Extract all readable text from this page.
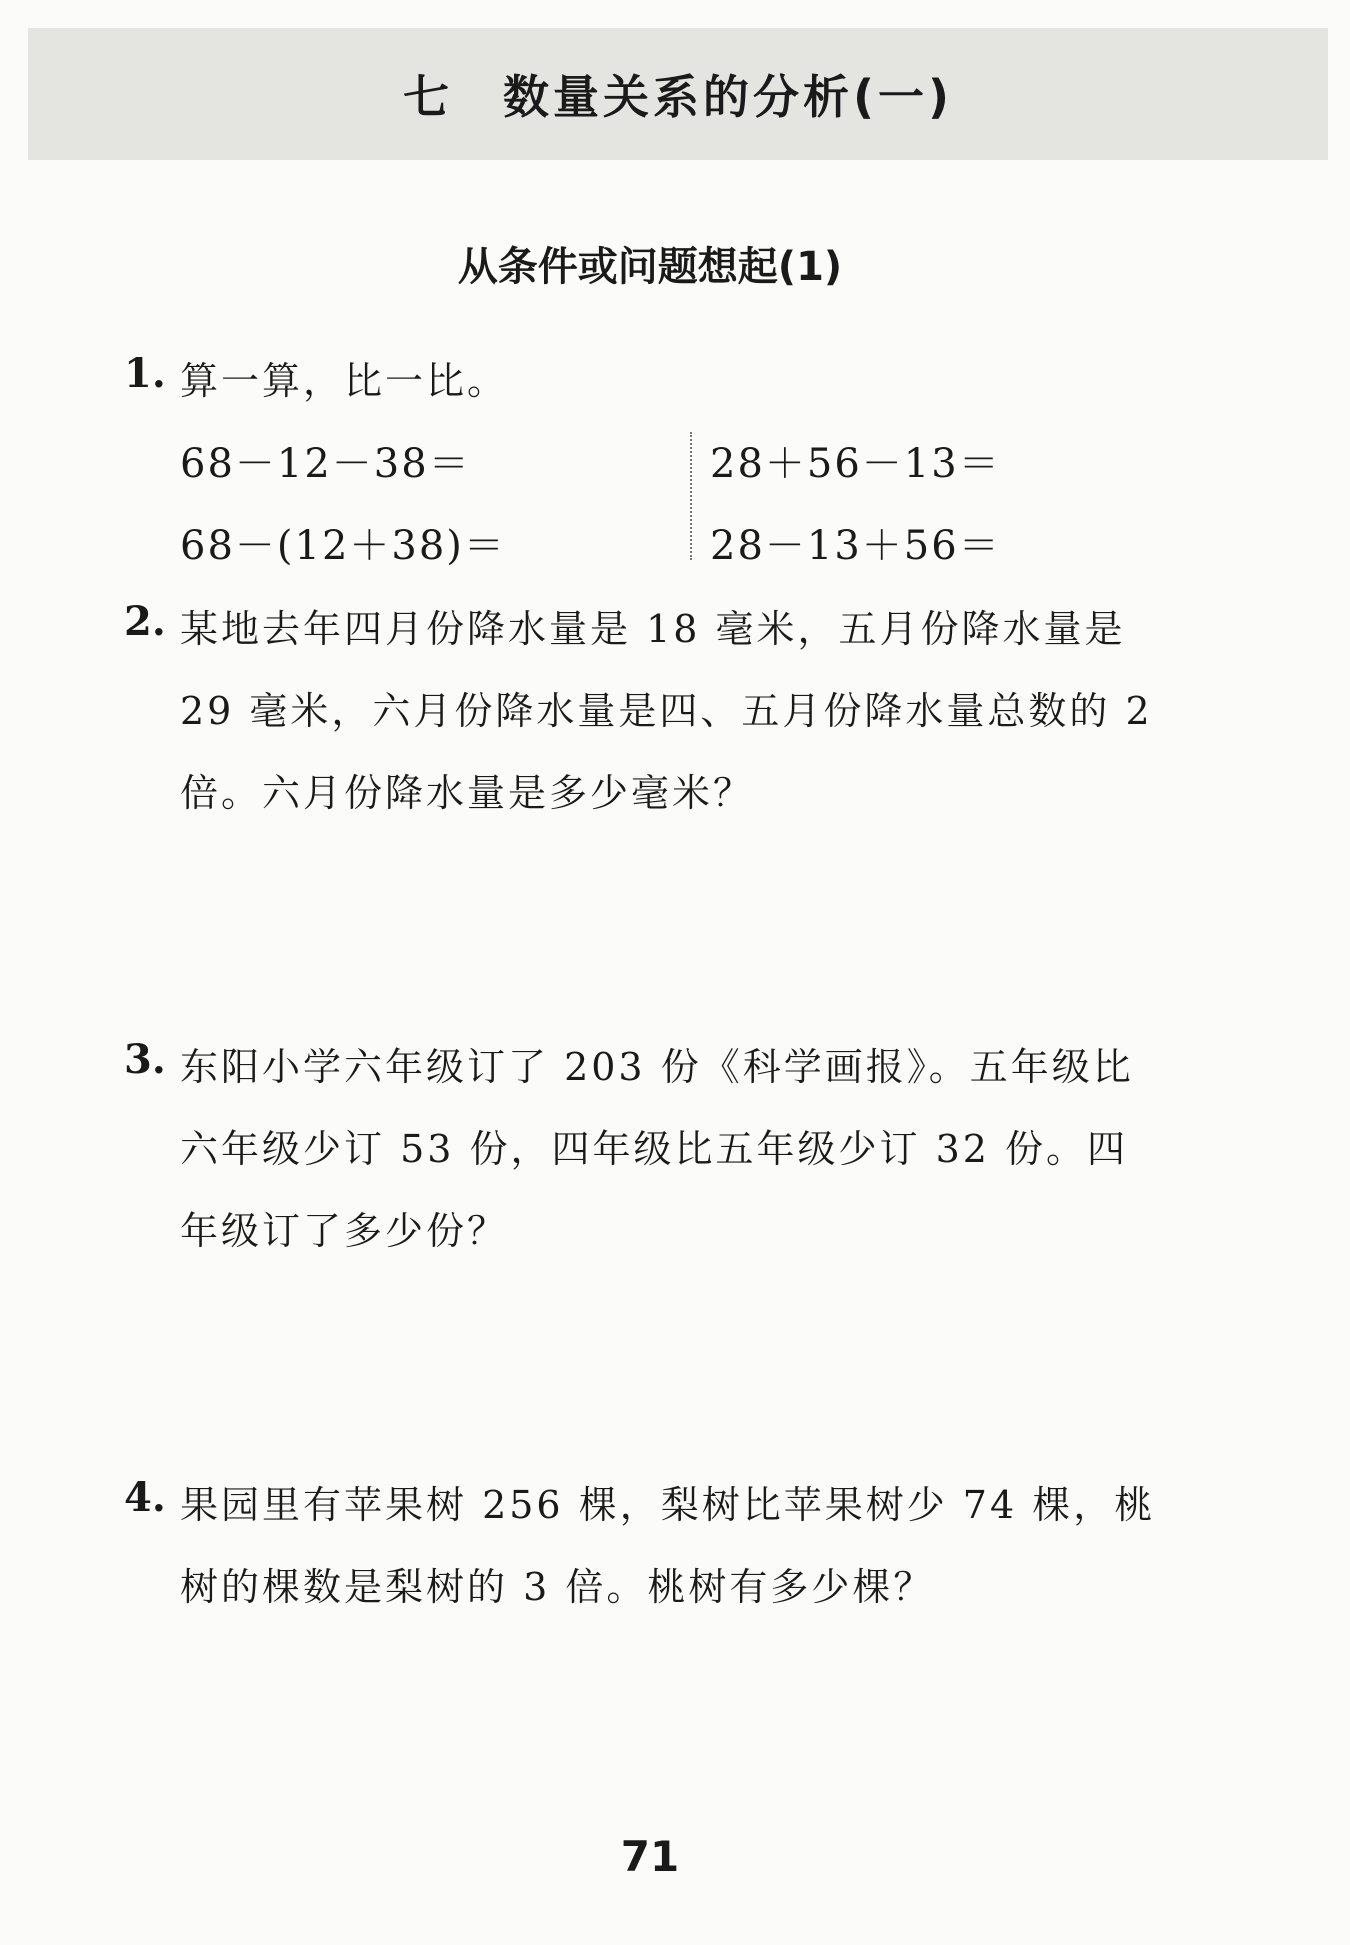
七　数量关系的分析(一)
从条件或问题想起(1)
1. 算一算，比一比。
68－12－38＝
68－(12＋38)＝
28＋56－13＝
28－13＋56＝
2. 某地去年四月份降水量是 18 毫米，五月份降水量是
29 毫米，六月份降水量是四、五月份降水量总数的 2
倍。六月份降水量是多少毫米？
3. 东阳小学六年级订了 203 份《科学画报》。五年级比
六年级少订 53 份，四年级比五年级少订 32 份。四
年级订了多少份？
4. 果园里有苹果树 256 棵，梨树比苹果树少 74 棵，桃
树的棵数是梨树的 3 倍。桃树有多少棵？
71
